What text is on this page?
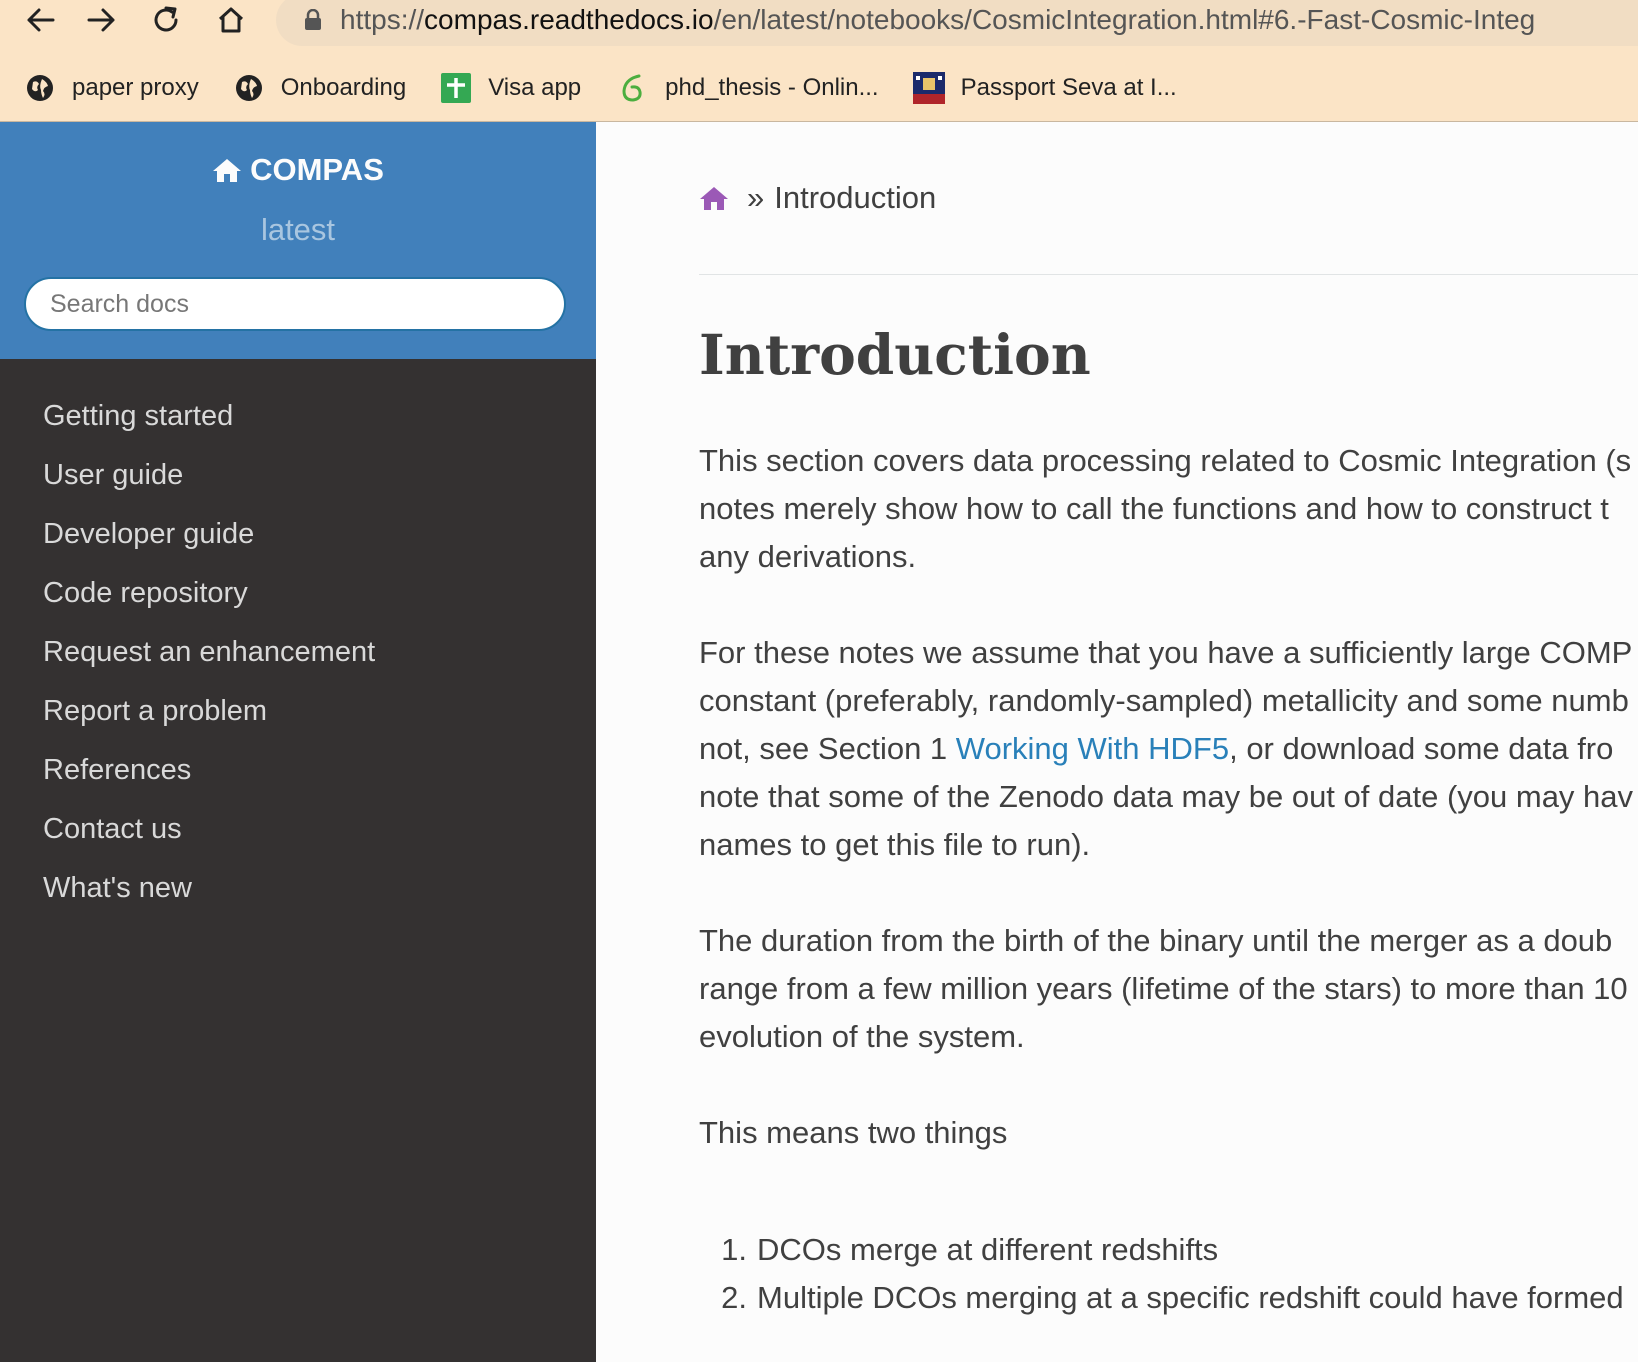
https://compas.readthedocs.io/en/latest/notebooks/CosmicIntegration.html#6.-Fast-Cosmic-Integ
paper proxy	Onboarding	Visa app	phd_thesis - Onlin...	Passport Seva at I...
COMPAS
latest
Search docs
Getting started
User guide
Developer guide
Code repository
Request an enhancement
Report a problem
References
Contact us
What's new
» Introduction
Introduction

This section covers data processing related to Cosmic Integration (s
notes merely show how to call the functions and how to construct t
any derivations.

For these notes we assume that you have a sufficiently large COMP
constant (preferably, randomly-sampled) metallicity and some numb
not, see Section 1 Working With HDF5, or download some data fro
note that some of the Zenodo data may be out of date (you may hav
names to get this file to run).

The duration from the birth of the binary until the merger as a doub
range from a few million years (lifetime of the stars) to more than 10
evolution of the system.

This means two things

1. DCOs merge at different redshifts
2. Multiple DCOs merging at a specific redshift could have formed
